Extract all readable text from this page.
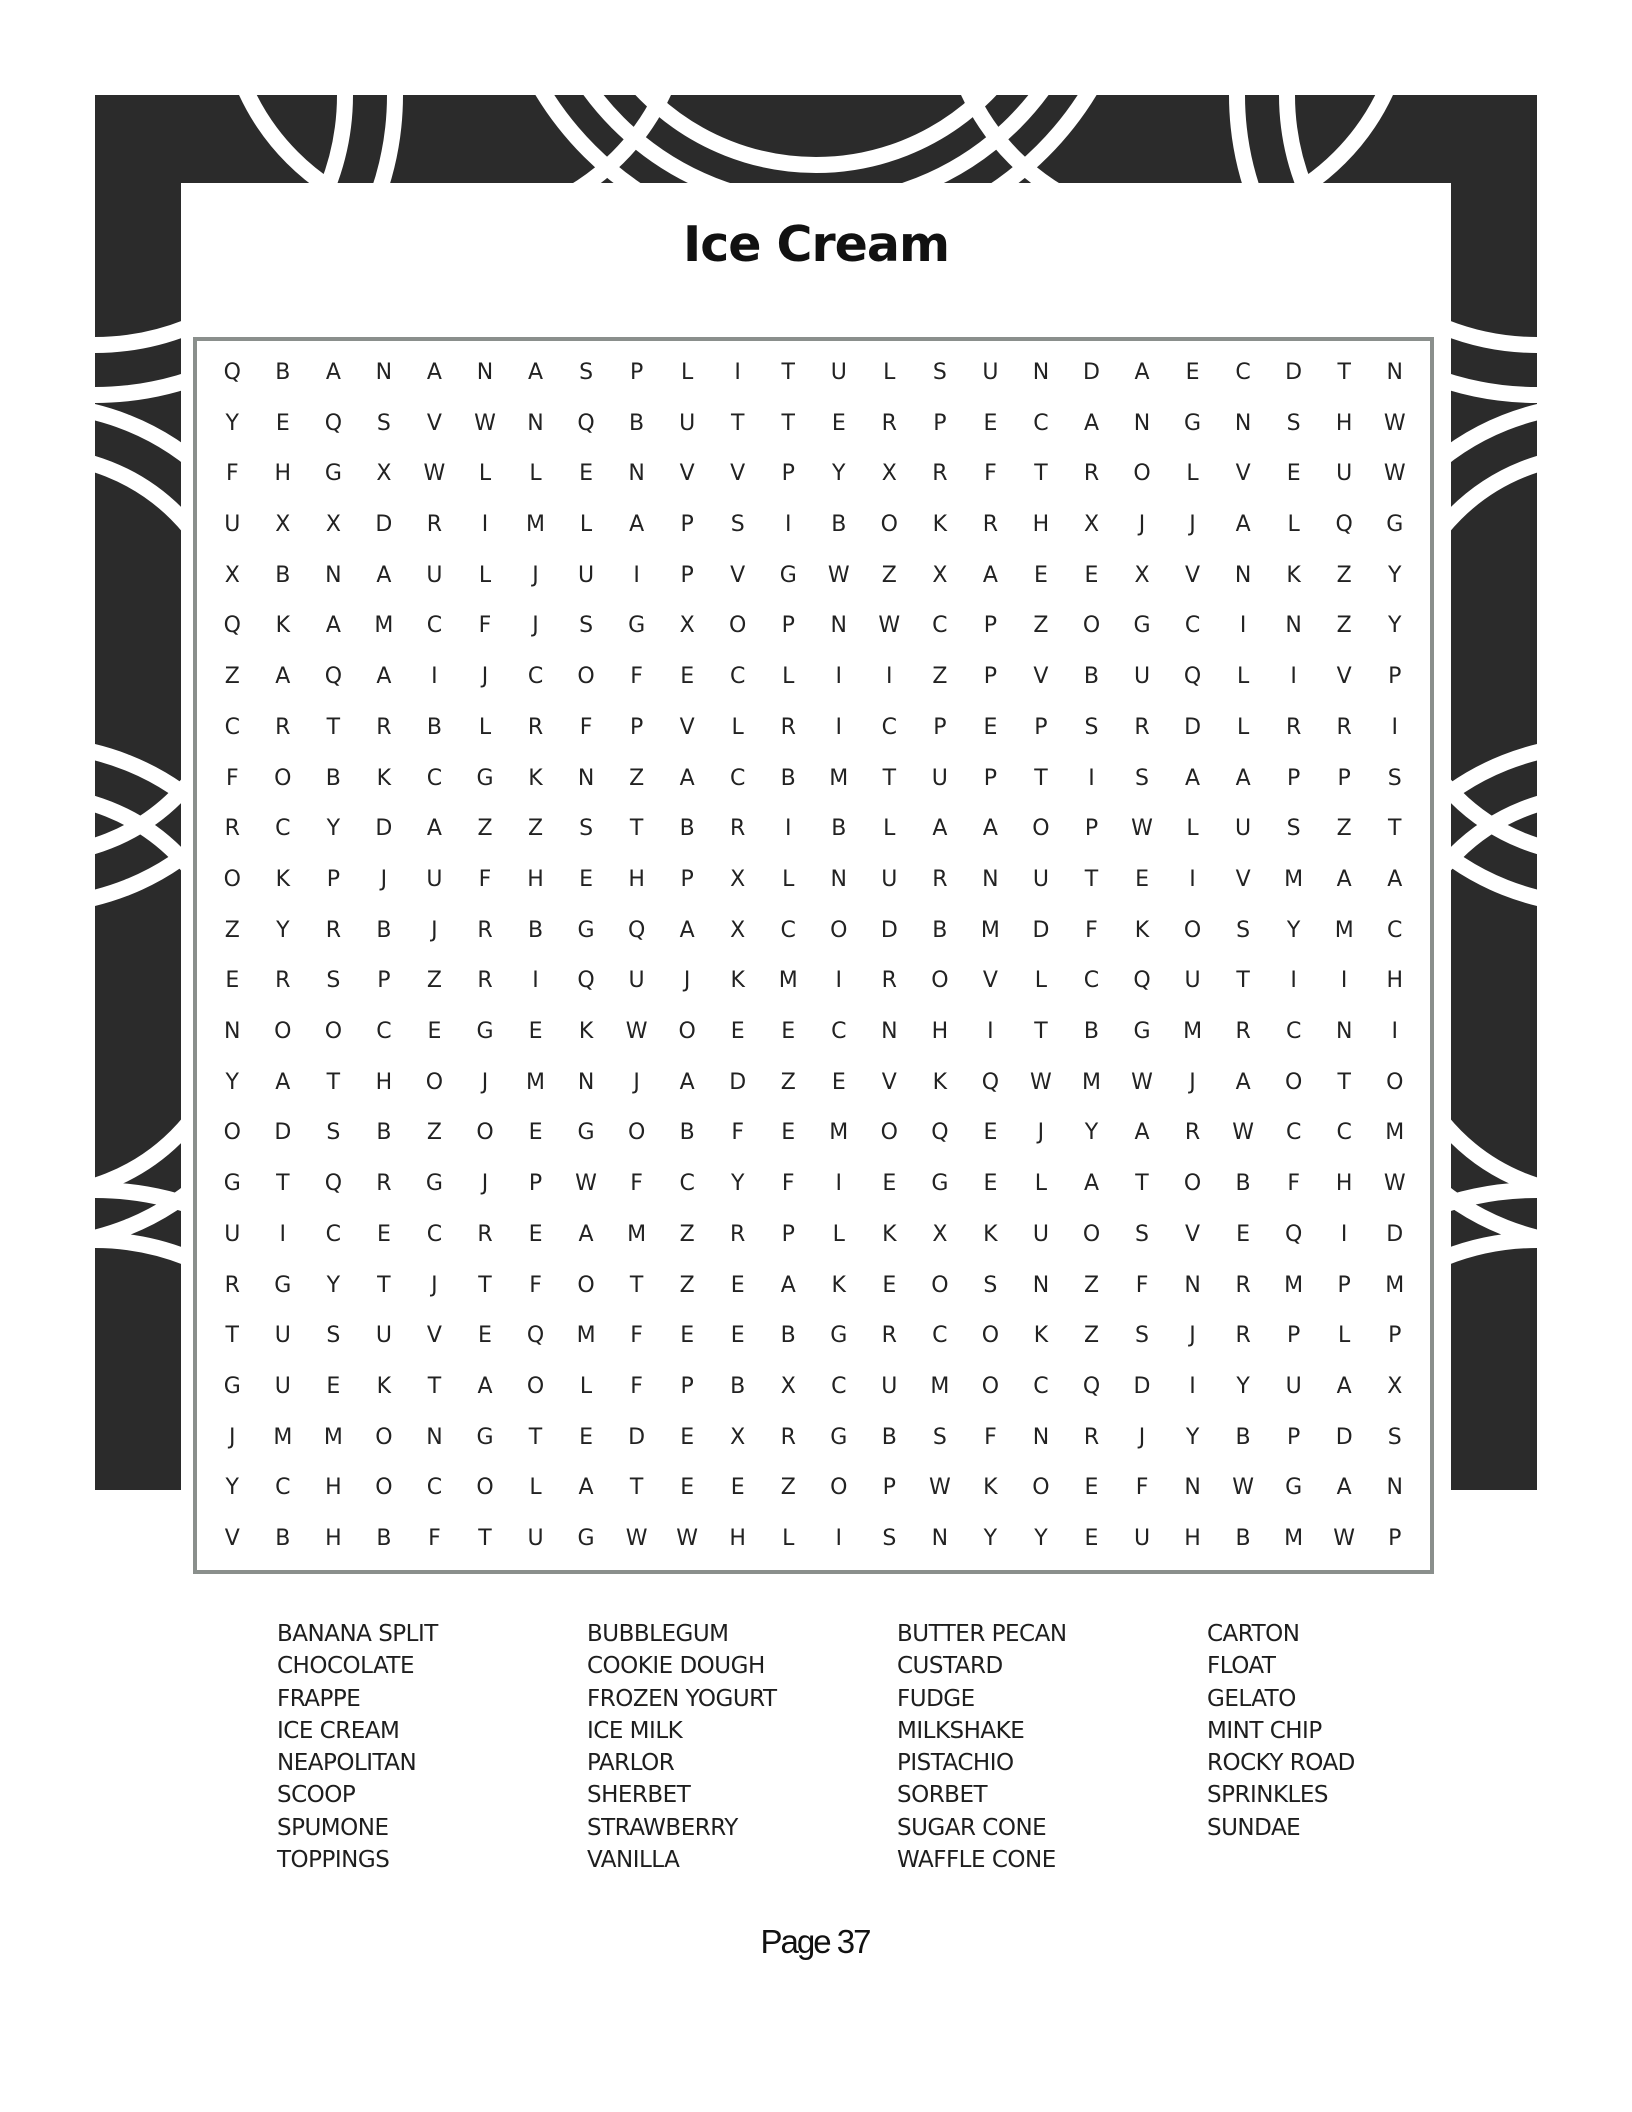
Ice Cream
Q	B	A	N	A	N	A	S	P	L	I	T	U	L	S	U	N	D	A	E	C	D	T	N
Y	E	Q	S	V	W	N	Q	B	U	T	T	E	R	P	E	C	A	N	G	N	S	H	W
F	H	G	X	W	L	L	E	N	V	V	P	Y	X	R	F	T	R	O	L	V	E	U	W
U	X	X	D	R	I	M	L	A	P	S	I	B	O	K	R	H	X	J	J	A	L	Q	G
X	B	N	A	U	L	J	U	I	P	V	G	W	Z	X	A	E	E	X	V	N	K	Z	Y
Q	K	A	M	C	F	J	S	G	X	O	P	N	W	C	P	Z	O	G	C	I	N	Z	Y
Z	A	Q	A	I	J	C	O	F	E	C	L	I	I	Z	P	V	B	U	Q	L	I	V	P
C	R	T	R	B	L	R	F	P	V	L	R	I	C	P	E	P	S	R	D	L	R	R	I
F	O	B	K	C	G	K	N	Z	A	C	B	M	T	U	P	T	I	S	A	A	P	P	S
R	C	Y	D	A	Z	Z	S	T	B	R	I	B	L	A	A	O	P	W	L	U	S	Z	T
O	K	P	J	U	F	H	E	H	P	X	L	N	U	R	N	U	T	E	I	V	M	A	A
Z	Y	R	B	J	R	B	G	Q	A	X	C	O	D	B	M	D	F	K	O	S	Y	M	C
E	R	S	P	Z	R	I	Q	U	J	K	M	I	R	O	V	L	C	Q	U	T	I	I	H
N	O	O	C	E	G	E	K	W	O	E	E	C	N	H	I	T	B	G	M	R	C	N	I
Y	A	T	H	O	J	M	N	J	A	D	Z	E	V	K	Q	W	M	W	J	A	O	T	O
O	D	S	B	Z	O	E	G	O	B	F	E	M	O	Q	E	J	Y	A	R	W	C	C	M
G	T	Q	R	G	J	P	W	F	C	Y	F	I	E	G	E	L	A	T	O	B	F	H	W
U	I	C	E	C	R	E	A	M	Z	R	P	L	K	X	K	U	O	S	V	E	Q	I	D
R	G	Y	T	J	T	F	O	T	Z	E	A	K	E	O	S	N	Z	F	N	R	M	P	M
T	U	S	U	V	E	Q	M	F	E	E	B	G	R	C	O	K	Z	S	J	R	P	L	P
G	U	E	K	T	A	O	L	F	P	B	X	C	U	M	O	C	Q	D	I	Y	U	A	X
J	M	M	O	N	G	T	E	D	E	X	R	G	B	S	F	N	R	J	Y	B	P	D	S
Y	C	H	O	C	O	L	A	T	E	E	Z	O	P	W	K	O	E	F	N	W	G	A	N
V	B	H	B	F	T	U	G	W	W	H	L	I	S	N	Y	Y	E	U	H	B	M	W	P
BANANA SPLIT	BUBBLEGUM	BUTTER PECAN	CARTON
CHOCOLATE	COOKIE DOUGH	CUSTARD	FLOAT
FRAPPE	FROZEN YOGURT	FUDGE	GELATO
ICE CREAM	ICE MILK	MILKSHAKE	MINT CHIP
NEAPOLITAN	PARLOR	PISTACHIO	ROCKY ROAD
SCOOP	SHERBET	SORBET	SPRINKLES
SPUMONE	STRAWBERRY	SUGAR CONE	SUNDAE
TOPPINGS	VANILLA	WAFFLE CONE
Page 37
